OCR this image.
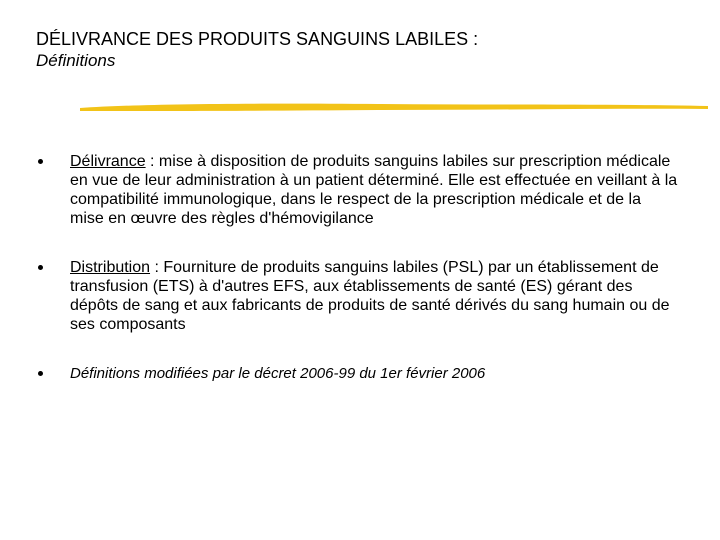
DÉLIVRANCE DES PRODUITS SANGUINS LABILES :

Définitions

Délivrance : mise à disposition de produits sanguins labiles sur prescription médicale en vue de leur administration à un patient déterminé. Elle est effectuée en veillant à la compatibilité immunologique, dans le respect de la prescription médicale et de la mise en œuvre des règles d'hémovigilance
Distribution : Fourniture de produits sanguins labiles (PSL) par un établissement de transfusion (ETS) à d'autres EFS, aux établissements de santé (ES) gérant des dépôts de sang et aux fabricants de produits de santé dérivés du sang humain ou de ses composants
Définitions modifiées par le décret 2006-99 du 1er février 2006
